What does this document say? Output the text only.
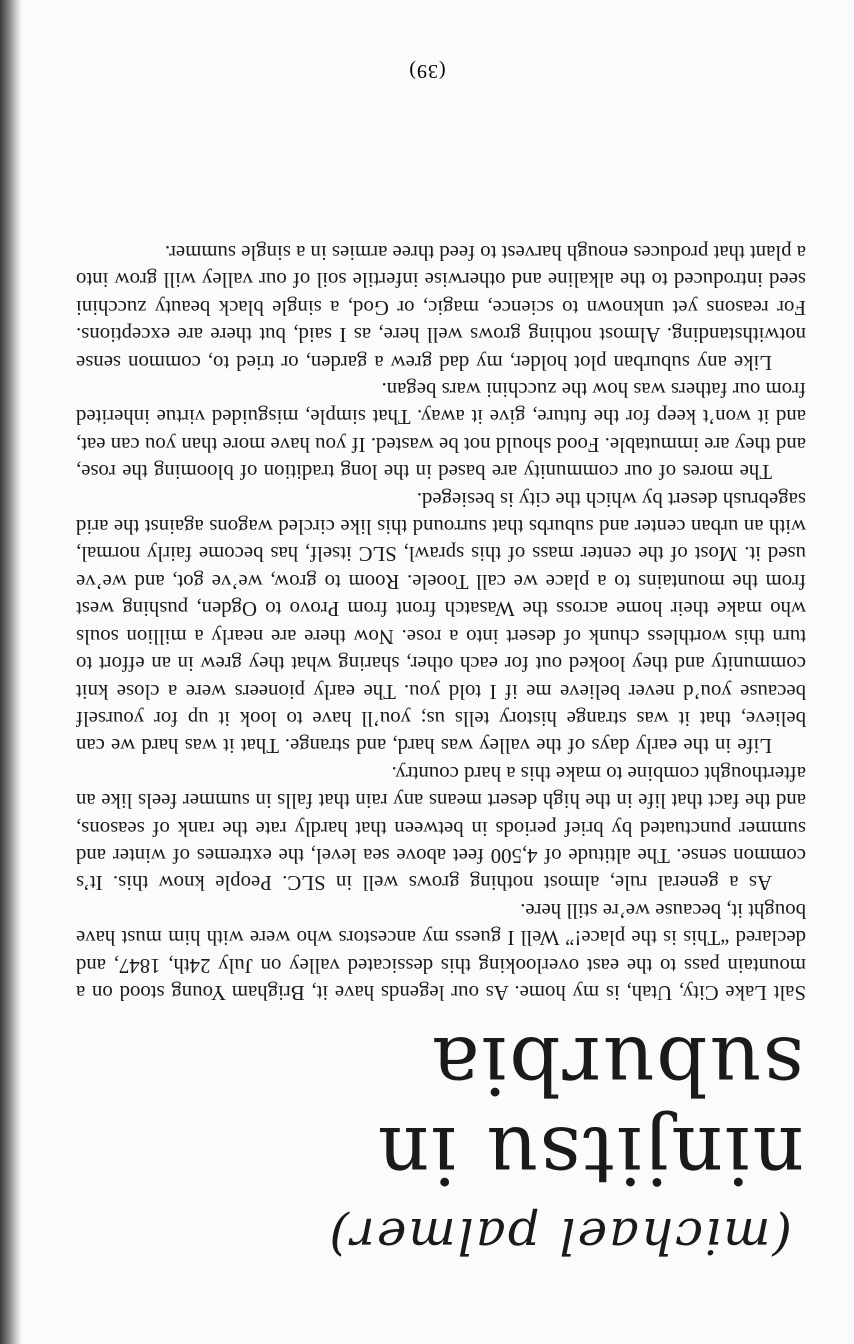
(michael palmer)
ninjitsu in suburbia

Salt Lake City, Utah, is my home. As our legends have it, Brigham Young stood on a mountain pass to the east overlooking this dessicated valley on July 24th, 1847, and declared “This is the place!” Well I guess my ancestors who were with him must have bought it, because we’re still here.

As a general rule, almost nothing grows well in SLC. People know this. It’s common sense. The altitude of 4,500 feet above sea level, the extremes of winter and summer punctuated by brief periods in between that hardly rate the rank of seasons, and the fact that life in the high desert means any rain that falls in summer feels like an afterthought combine to make this a hard country.

Life in the early days of the valley was hard, and strange. That it was hard we can believe, that it was strange history tells us; you’ll have to look it up for yourself because you’d never believe me if I told you. The early pioneers were a close knit community and they looked out for each other, sharing what they grew in an effort to turn this worthless chunk of desert into a rose. Now there are nearly a million souls who make their home across the Wasatch front from Provo to Ogden, pushing west from the mountains to a place we call Tooele. Room to grow, we’ve got, and we’ve used it. Most of the center mass of this sprawl, SLC itself, has become fairly normal, with an urban center and suburbs that surround this like circled wagons against the arid sagebrush desert by which the city is besieged.

The mores of our community are based in the long tradition of blooming the rose, and they are immutable. Food should not be wasted. If you have more than you can eat, and it won’t keep for the future, give it away. That simple, misguided virtue inherited from our fathers was how the zucchini wars began.

Like any suburban plot holder, my dad grew a garden, or tried to, common sense notwithstanding. Almost nothing grows well here, as I said, but there are exceptions. For reasons yet unknown to science, magic, or God, a single black beauty zucchini seed introduced to the alkaline and otherwise infertile soil of our valley will grow into a plant that produces enough harvest to feed three armies in a single summer.

(39)
